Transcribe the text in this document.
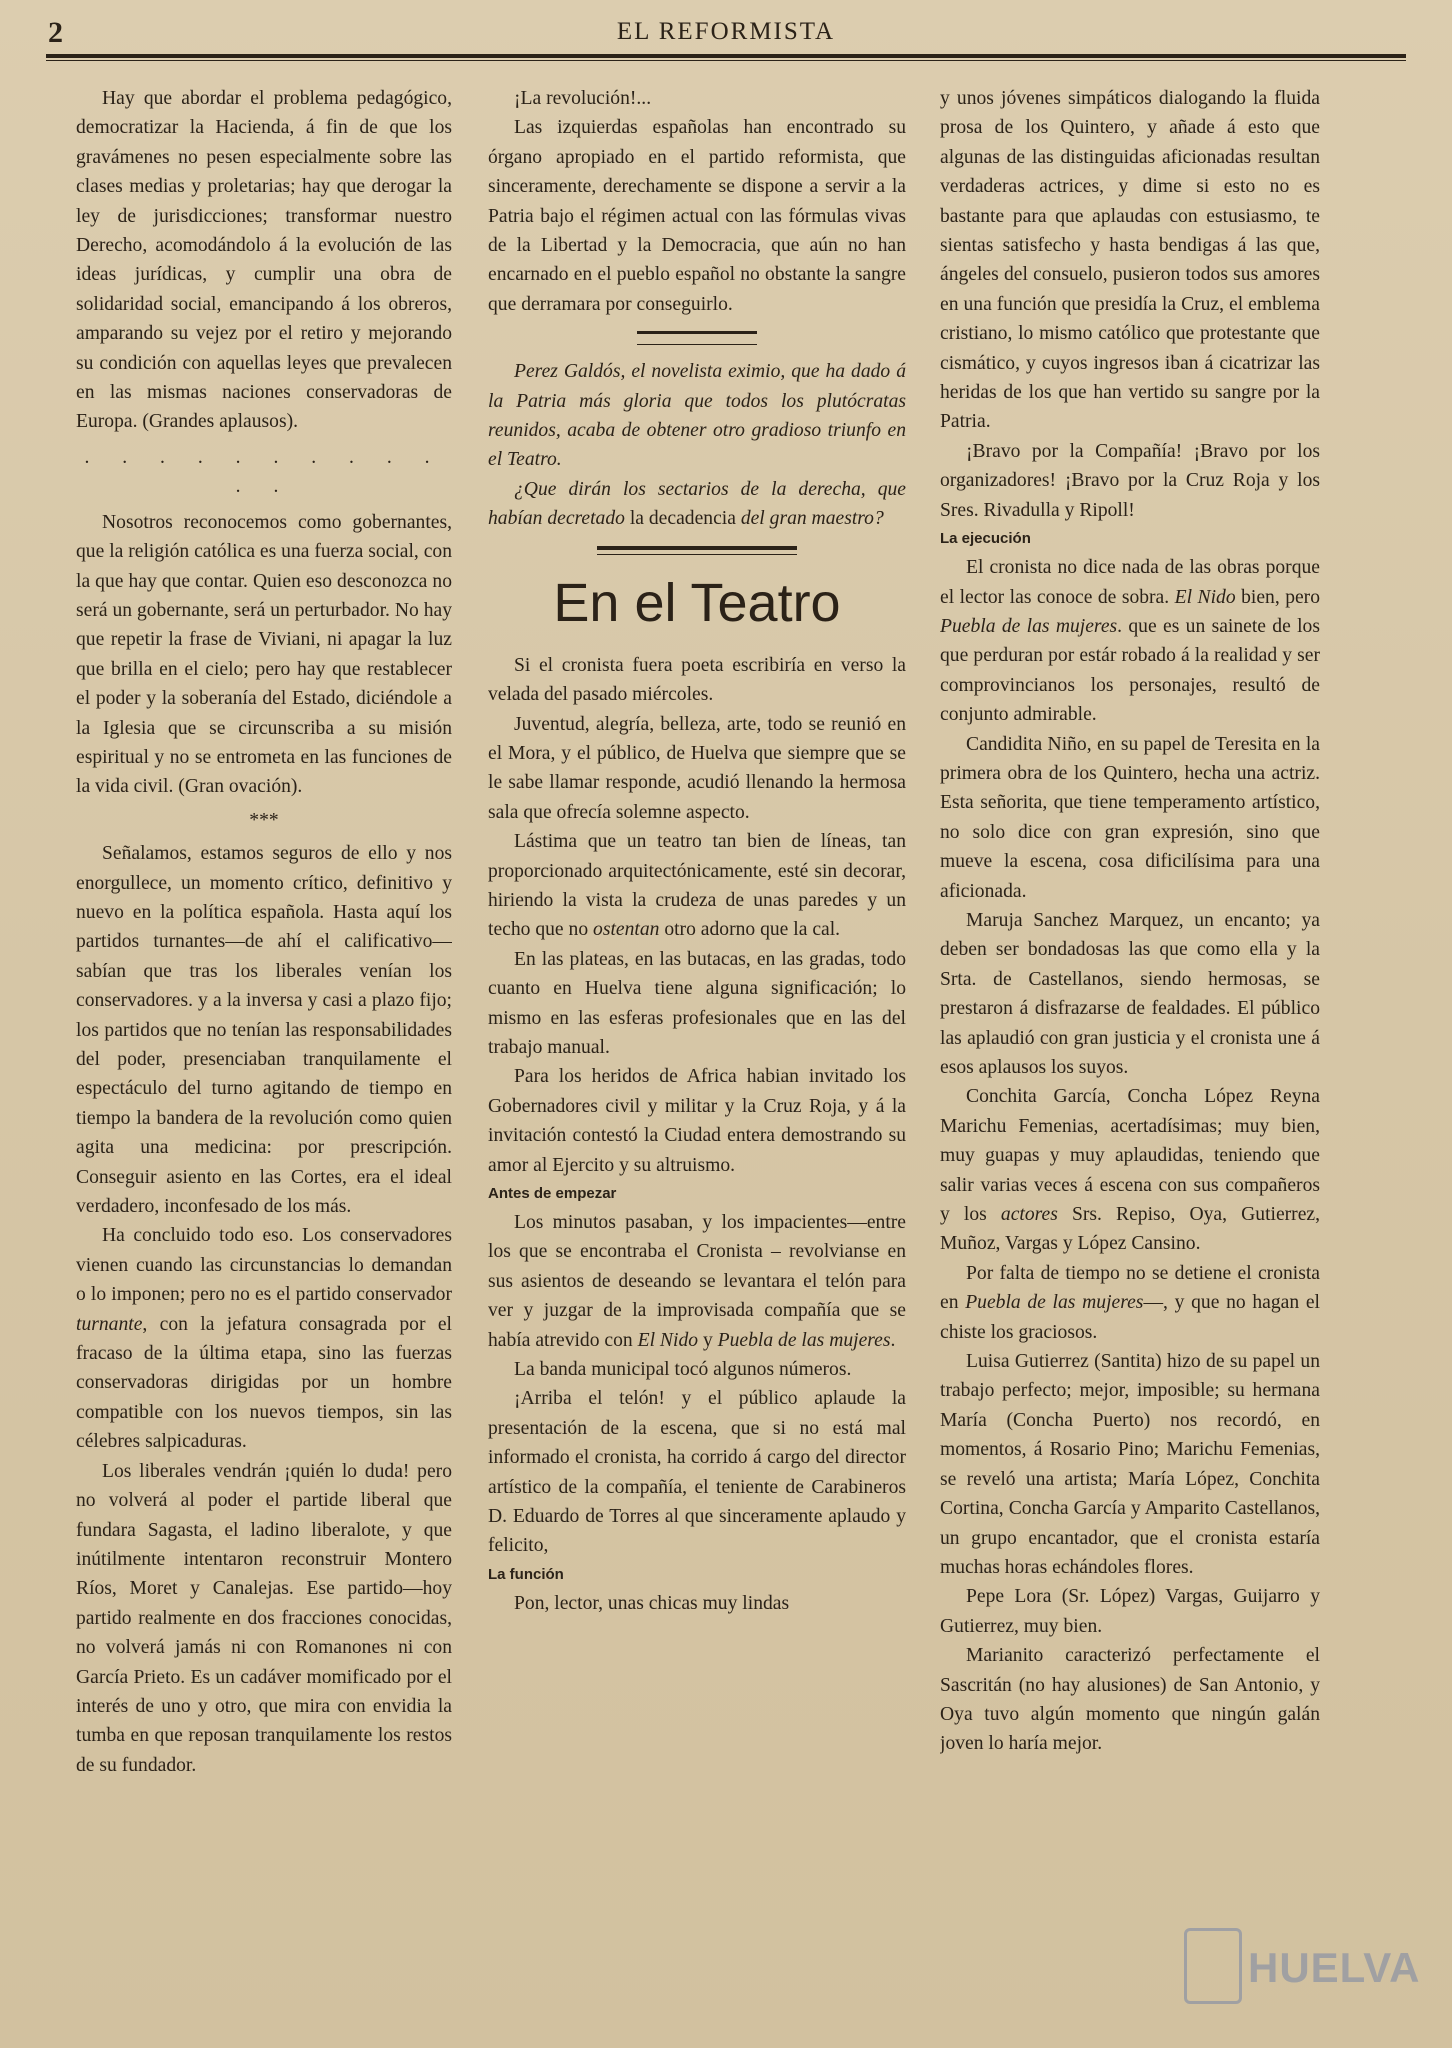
2	EL REFORMISTA

Hay que abordar el problema pedagógico, democratizar la Hacienda, á fin de que los gravámenes no pesen especialmente sobre las clases medias y proletarias; hay que derogar la ley de jurisdicciones; transformar nuestro Derecho, acomodándolo á la evolución de las ideas jurídicas, y cumplir una obra de solidaridad social, emancipando á los obreros, amparando su vejez por el retiro y mejorando su condición con aquellas leyes que prevalecen en las mismas naciones conservadoras de Europa. (Grandes aplausos).

. . . . . . . . . . . .

Nosotros reconocemos como gobernantes, que la religión católica es una fuerza social, con la que hay que contar. Quien eso desconozca no será un gobernante, será un perturbador. No hay que repetir la frase de Viviani, ni apagar la luz que brilla en el cielo; pero hay que restablecer el poder y la soberanía del Estado, diciéndole a la Iglesia que se circunscriba a su misión espiritual y no se entrometa en las funciones de la vida civil. (Gran ovación).

***

Señalamos, estamos seguros de ello y nos enorgullece, un momento crítico, definitivo y nuevo en la política española. Hasta aquí los partidos turnantes—de ahí el calificativo—sabían que tras los liberales venían los conservadores. y a la inversa y casi a plazo fijo; los partidos que no tenían las responsabilidades del poder, presenciaban tranquilamente el espectáculo del turno agitando de tiempo en tiempo la bandera de la revolución como quien agita una medicina: por prescripción. Conseguir asiento en las Cortes, era el ideal verdadero, inconfesado de los más.

Ha concluido todo eso. Los conservadores vienen cuando las circunstancias lo demandan o lo imponen; pero no es el partido conservador turnante, con la jefatura consagrada por el fracaso de la última etapa, sino las fuerzas conservadoras dirigidas por un hombre compatible con los nuevos tiempos, sin las célebres salpicaduras.

Los liberales vendrán ¡quién lo duda! pero no volverá al poder el partide liberal que fundara Sagasta, el ladino liberalote, y que inútilmente intentaron reconstruir Montero Ríos, Moret y Canalejas. Ese partido—hoy partido realmente en dos fracciones conocidas, no volverá jamás ni con Romanones ni con García Prieto. Es un cadáver momificado por el interés de uno y otro, que mira con envidia la tumba en que reposan tranquilamente los restos de su fundador.

¡La revolución!...

Las izquierdas españolas han encontrado su órgano apropiado en el partido reformista, que sinceramente, derechamente se dispone a servir a la Patria bajo el régimen actual con las fórmulas vivas de la Libertad y la Democracia, que aún no han encarnado en el pueblo español no obstante la sangre que derramara por conseguirlo.

Perez Galdós, el novelista eximio, que ha dado á la Patria más gloria que todos los plutócratas reunidos, acaba de obtener otro gradioso triunfo en el Teatro.

¿Que dirán los sectarios de la derecha, que habían decretado la decadencia del gran maestro?

En el Teatro

Si el cronista fuera poeta escribiría en verso la velada del pasado miércoles.

Juventud, alegría, belleza, arte, todo se reunió en el Mora, y el público, de Huelva que siempre que se le sabe llamar responde, acudió llenando la hermosa sala que ofrecía solemne aspecto.

Lástima que un teatro tan bien de líneas, tan proporcionado arquitectónicamente, esté sin decorar, hiriendo la vista la crudeza de unas paredes y un techo que no ostentan otro adorno que la cal.

En las plateas, en las butacas, en las gradas, todo cuanto en Huelva tiene alguna significación; lo mismo en las esferas profesionales que en las del trabajo manual.

Para los heridos de Africa habian invitado los Gobernadores civil y militar y la Cruz Roja, y á la invitación contestó la Ciudad entera demostrando su amor al Ejercito y su altruismo.

Antes de empezar

Los minutos pasaban, y los impacientes—entre los que se encontraba el Cronista – revolvianse en sus asientos de deseando se levantara el telón para ver y juzgar de la improvisada compañía que se había atrevido con El Nido y Puebla de las mujeres.

La banda municipal tocó algunos números.

¡Arriba el telón! y el público aplaude la presentación de la escena, que si no está mal informado el cronista, ha corrido á cargo del director artístico de la compañía, el teniente de Carabineros D. Eduardo de Torres al que sinceramente aplaudo y felicito,

La función

Pon, lector, unas chicas muy lindas

y unos jóvenes simpáticos dialogando la fluida prosa de los Quintero, y añade á esto que algunas de las distinguidas aficionadas resultan verdaderas actrices, y dime si esto no es bastante para que aplaudas con estusiasmo, te sientas satisfecho y hasta bendigas á las que, ángeles del consuelo, pusieron todos sus amores en una función que presidía la Cruz, el emblema cristiano, lo mismo católico que protestante que cismático, y cuyos ingresos iban á cicatrizar las heridas de los que han vertido su sangre por la Patria.

¡Bravo por la Compañía! ¡Bravo por los organizadores! ¡Bravo por la Cruz Roja y los Sres. Rivadulla y Ripoll!

La ejecución

El cronista no dice nada de las obras porque el lector las conoce de sobra. El Nido bien, pero Puebla de las mujeres. que es un sainete de los que perduran por estár robado á la realidad y ser comprovincianos los personajes, resultó de conjunto admirable.

Candidita Niño, en su papel de Teresita en la primera obra de los Quintero, hecha una actriz. Esta señorita, que tiene temperamento artístico, no solo dice con gran expresión, sino que mueve la escena, cosa dificilísima para una aficionada.

Maruja Sanchez Marquez, un encanto; ya deben ser bondadosas las que como ella y la Srta. de Castellanos, siendo hermosas, se prestaron á disfrazarse de fealdades. El público las aplaudió con gran justicia y el cronista une á esos aplausos los suyos.

Conchita García, Concha López Reyna Marichu Femenias, acertadísimas; muy bien, muy guapas y muy aplaudidas, teniendo que salir varias veces á escena con sus compañeros y los actores Srs. Repiso, Oya, Gutierrez, Muñoz, Vargas y López Cansino.

Por falta de tiempo no se detiene el cronista en Puebla de las mujeres—, y que no hagan el chiste los graciosos.

Luisa Gutierrez (Santita) hizo de su papel un trabajo perfecto; mejor, imposible; su hermana María (Concha Puerto) nos recordó, en momentos, á Rosario Pino; Marichu Femenias, se reveló una artista; María López, Conchita Cortina, Concha García y Amparito Castellanos, un grupo encantador, que el cronista estaría muchas horas echándoles flores.

Pepe Lora (Sr. López) Vargas, Guijarro y Gutierrez, muy bien.

Marianito caracterizó perfectamente el Sascritán (no hay alusiones) de San Antonio, y Oya tuvo algún momento que ningún galán joven lo haría mejor.

HUELVA
